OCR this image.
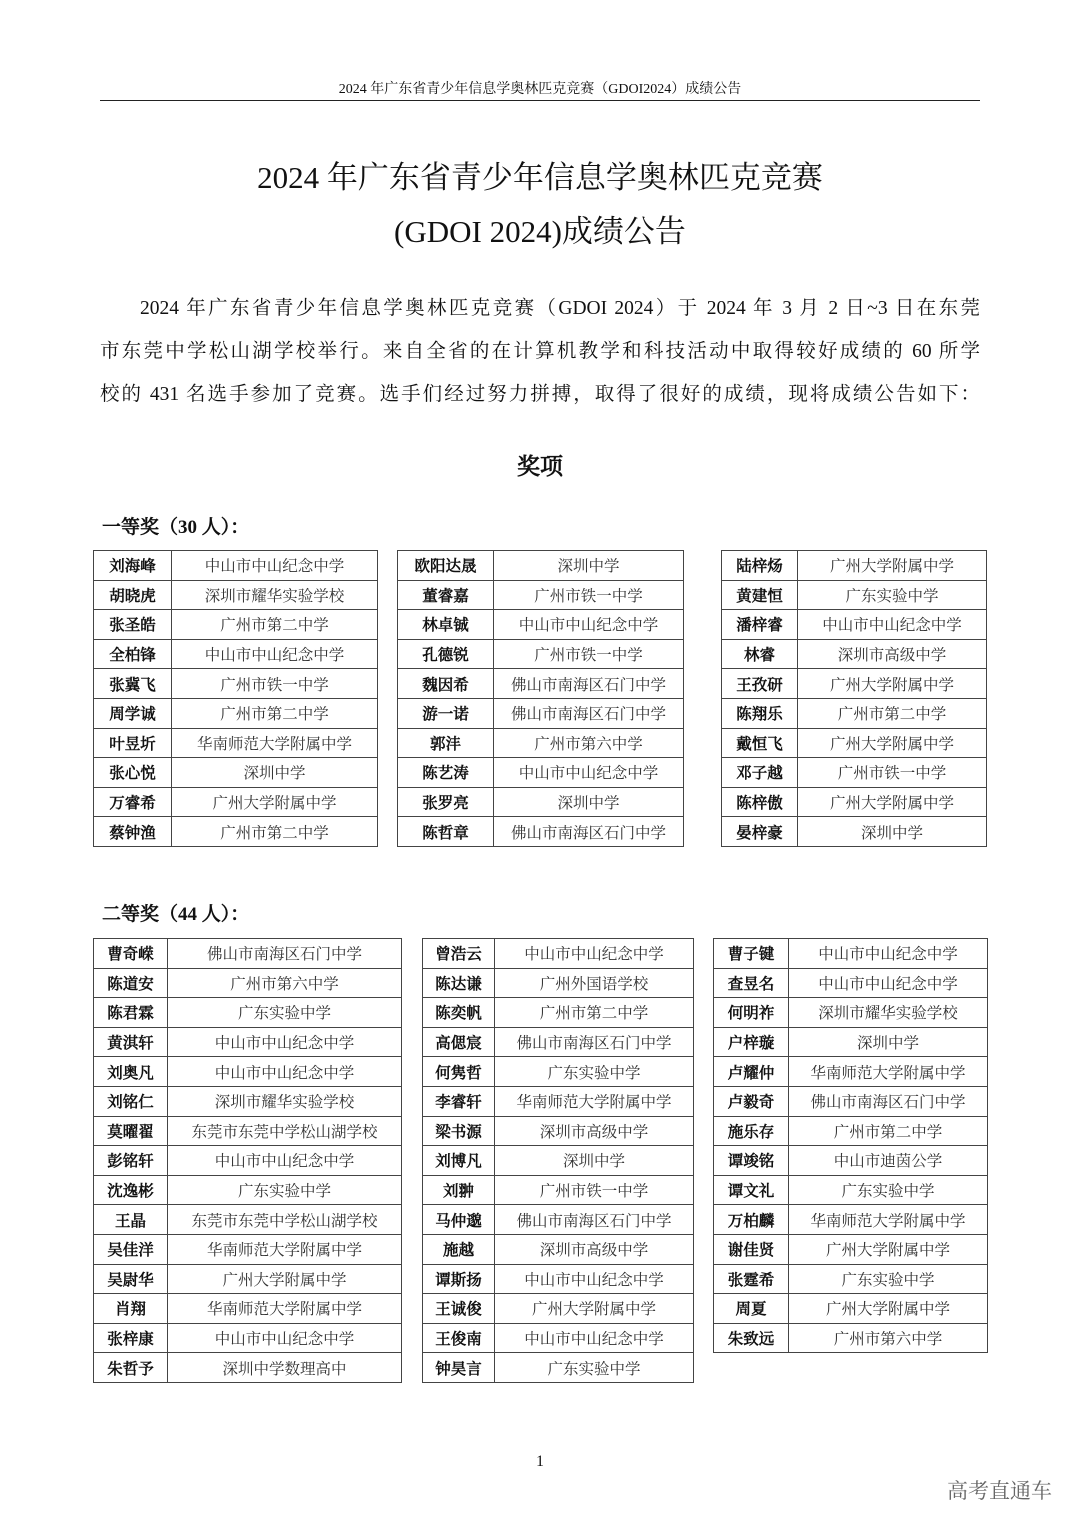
2024 年广东省青少年信息学奥林匹克竞赛（GDOI2024）成绩公告
2024 年广东省青少年信息学奥林匹克竞赛
(GDOI 2024)成绩公告
2024 年广东省青少年信息学奥林匹克竞赛（GDOI 2024）于 2024 年 3 月 2 日~3 日在东莞
市东莞中学松山湖学校举行。来自全省的在计算机教学和科技活动中取得较好成绩的 60 所学
校的 431 名选手参加了竞赛。选手们经过努力拼搏，取得了很好的成绩，现将成绩公告如下：
奖项
一等奖（30 人）：
二等奖（44 人）：
刘海峰	中山市中山纪念中学
胡晓虎	深圳市耀华实验学校
张圣皓	广州市第二中学
全柏锋	中山市中山纪念中学
张冀飞	广州市铁一中学
周学诚	广州市第二中学
叶昱圻	华南师范大学附属中学
张心悦	深圳中学
万睿希	广州大学附属中学
蔡钟渔	广州市第二中学
欧阳达晟	深圳中学
董睿嘉	广州市铁一中学
林卓铖	中山市中山纪念中学
孔德锐	广州市铁一中学
魏因希	佛山市南海区石门中学
游一诺	佛山市南海区石门中学
郭沣	广州市第六中学
陈艺涛	中山市中山纪念中学
张罗亮	深圳中学
陈哲章	佛山市南海区石门中学
陆梓炀	广州大学附属中学
黄建恒	广东实验中学
潘梓睿	中山市中山纪念中学
林睿	深圳市高级中学
王孜研	广州大学附属中学
陈翔乐	广州市第二中学
戴恒飞	广州大学附属中学
邓子越	广州市铁一中学
陈梓傲	广州大学附属中学
晏梓豪	深圳中学
曹奇嵘	佛山市南海区石门中学
陈道安	广州市第六中学
陈君霖	广东实验中学
黄淇轩	中山市中山纪念中学
刘奥凡	中山市中山纪念中学
刘铭仁	深圳市耀华实验学校
莫曜翟	东莞市东莞中学松山湖学校
彭铭轩	中山市中山纪念中学
沈逸彬	广东实验中学
王晶	东莞市东莞中学松山湖学校
吴佳洋	华南师范大学附属中学
吴尉华	广州大学附属中学
肖翔	华南师范大学附属中学
张梓康	中山市中山纪念中学
朱哲予	深圳中学数理高中
曾浩云	中山市中山纪念中学
陈达谦	广州外国语学校
陈奕帆	广州市第二中学
高偲宸	佛山市南海区石门中学
何隽哲	广东实验中学
李睿轩	华南师范大学附属中学
梁书源	深圳市高级中学
刘博凡	深圳中学
刘翀	广州市铁一中学
马仲邈	佛山市南海区石门中学
施越	深圳市高级中学
谭斯扬	中山市中山纪念中学
王诚俊	广州大学附属中学
王俊南	中山市中山纪念中学
钟昊言	广东实验中学
曹子键	中山市中山纪念中学
查昱名	中山市中山纪念中学
何明祚	深圳市耀华实验学校
户梓璇	深圳中学
卢耀仲	华南师范大学附属中学
卢毅奇	佛山市南海区石门中学
施乐存	广州市第二中学
谭竣铭	中山市迪茵公学
谭文礼	广东实验中学
万柏麟	华南师范大学附属中学
谢佳贤	广州大学附属中学
张霆希	广东实验中学
周夏	广州大学附属中学
朱致远	广州市第六中学
1
高考直通车
